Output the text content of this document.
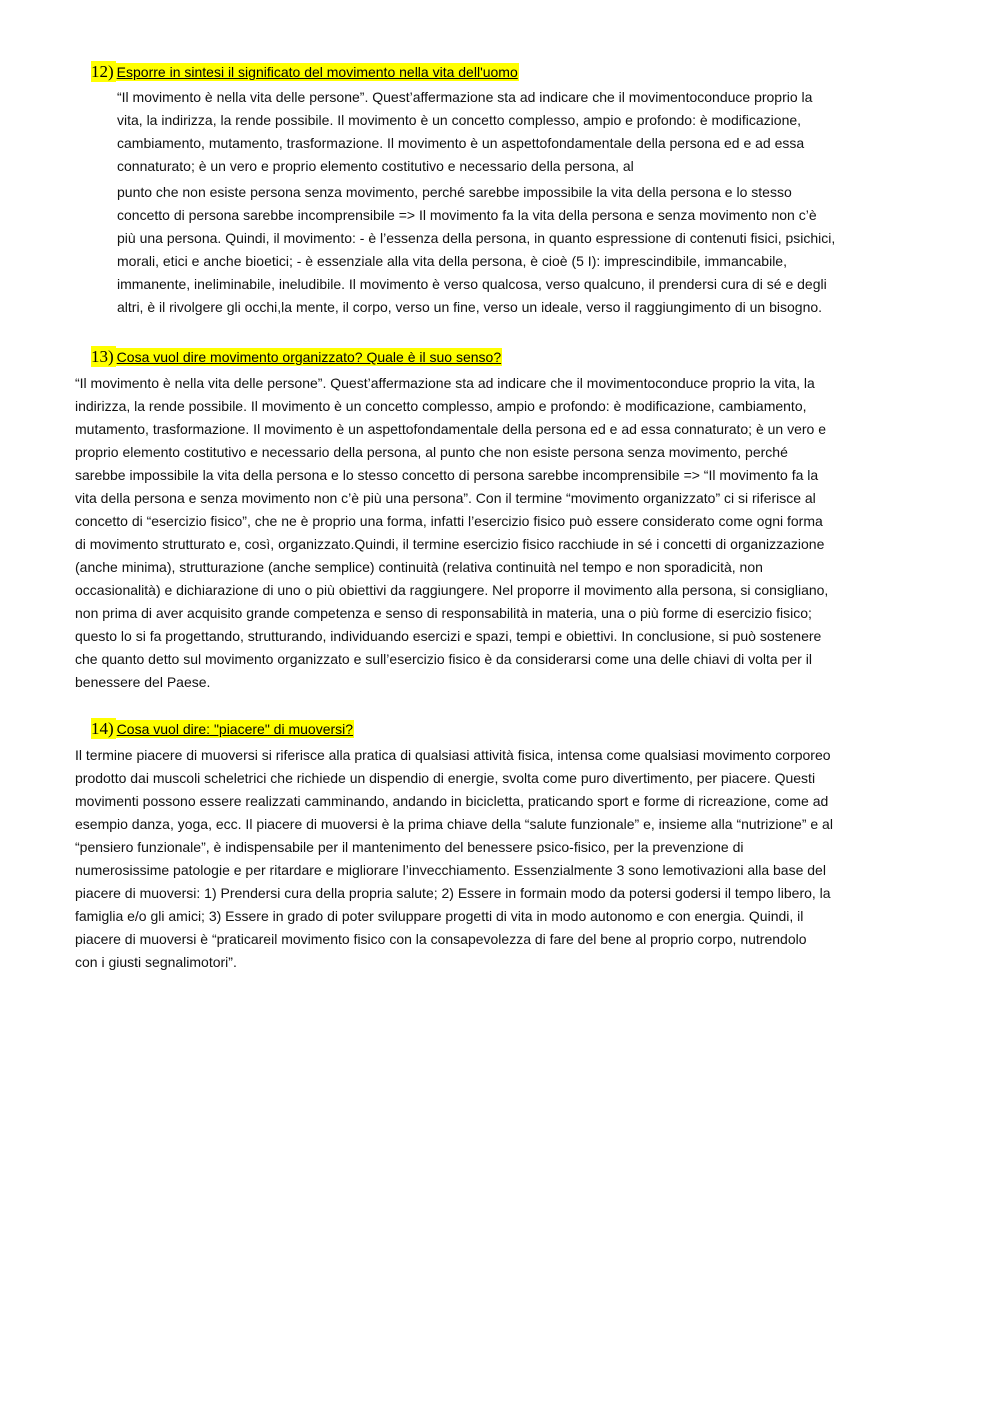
12) Esporre in sintesi il significato del movimento nella vita dell'uomo
“Il movimento è nella vita delle persone”. Quest’affermazione sta ad indicare che il movimentoconduce proprio la
vita, la indirizza, la rende possibile. Il movimento è un concetto complesso, ampio e profondo: è modificazione,
cambiamento, mutamento, trasformazione. Il movimento è un aspettofondamentale della persona ed e ad essa
connaturato; è un vero e proprio elemento costitutivo e necessario della persona, al
punto che non esiste persona senza movimento, perché sarebbe impossibile la vita della persona e lo stesso
concetto di persona sarebbe incomprensibile => Il movimento fa la vita della persona e senza movimento non c’è
più una persona. Quindi, il movimento: - è l’essenza della persona, in quanto espressione di contenuti fisici, psichici,
morali, etici e anche bioetici; - è essenziale alla vita della persona, è cioè (5 I): imprescindibile, immancabile,
immanente, ineliminabile, ineludibile. Il movimento è verso qualcosa, verso qualcuno, il prendersi cura di sé e degli
altri, è il rivolgere gli occhi,la mente, il corpo, verso un fine, verso un ideale, verso il raggiungimento di un bisogno.
13) Cosa vuol dire movimento organizzato? Quale è il suo senso?
“Il movimento è nella vita delle persone”. Quest’affermazione sta ad indicare che il movimentoconduce proprio la vita, la
indirizza, la rende possibile. Il movimento è un concetto complesso, ampio e profondo: è modificazione, cambiamento,
mutamento, trasformazione. Il movimento è un aspettofondamentale della persona ed e ad essa connaturato; è un vero e
proprio elemento costitutivo e necessario della persona, al punto che non esiste persona senza movimento, perché
sarebbe impossibile la vita della persona e lo stesso concetto di persona sarebbe incomprensibile => “Il movimento fa la
vita della persona e senza movimento non c’è più una persona”. Con il termine “movimento organizzato” ci si riferisce al
concetto di “esercizio fisico”, che ne è proprio una forma, infatti l’esercizio fisico può essere considerato come ogni forma
di movimento strutturato e, così, organizzato.Quindi, il termine esercizio fisico racchiude in sé i concetti di organizzazione
(anche minima), strutturazione (anche semplice) continuità (relativa continuità nel tempo e non sporadicità, non
occasionalità) e dichiarazione di uno o più obiettivi da raggiungere. Nel proporre il movimento alla persona, si consigliano,
non prima di aver acquisito grande competenza e senso di responsabilità in materia, una o più forme di esercizio fisico;
questo lo si fa progettando, strutturando, individuando esercizi e spazi, tempi e obiettivi. In conclusione, si può sostenere
che quanto detto sul movimento organizzato e sull’esercizio fisico è da considerarsi come una delle chiavi di volta per il
benessere del Paese.
14) Cosa vuol dire: "piacere" di muoversi?
Il termine piacere di muoversi si riferisce alla pratica di qualsiasi attività fisica, intensa come qualsiasi movimento corporeo
prodotto dai muscoli scheletrici che richiede un dispendio di energie, svolta come puro divertimento, per piacere. Questi
movimenti possono essere realizzati camminando, andando in bicicletta, praticando sport e forme di ricreazione, come ad
esempio danza, yoga, ecc. Il piacere di muoversi è la prima chiave della “salute funzionale” e, insieme alla “nutrizione” e al
“pensiero funzionale”, è indispensabile per il mantenimento del benessere psico-fisico, per la prevenzione di
numerosissime patologie e per ritardare e migliorare l’invecchiamento. Essenzialmente 3 sono lemotivazioni alla base del
piacere di muoversi: 1) Prendersi cura della propria salute; 2) Essere in formain modo da potersi godersi il tempo libero, la
famiglia e/o gli amici; 3) Essere in grado di poter sviluppare progetti di vita in modo autonomo e con energia. Quindi, il
piacere di muoversi è “praticareil movimento fisico con la consapevolezza di fare del bene al proprio corpo, nutrendolo
con i giusti segnalimotori”.
